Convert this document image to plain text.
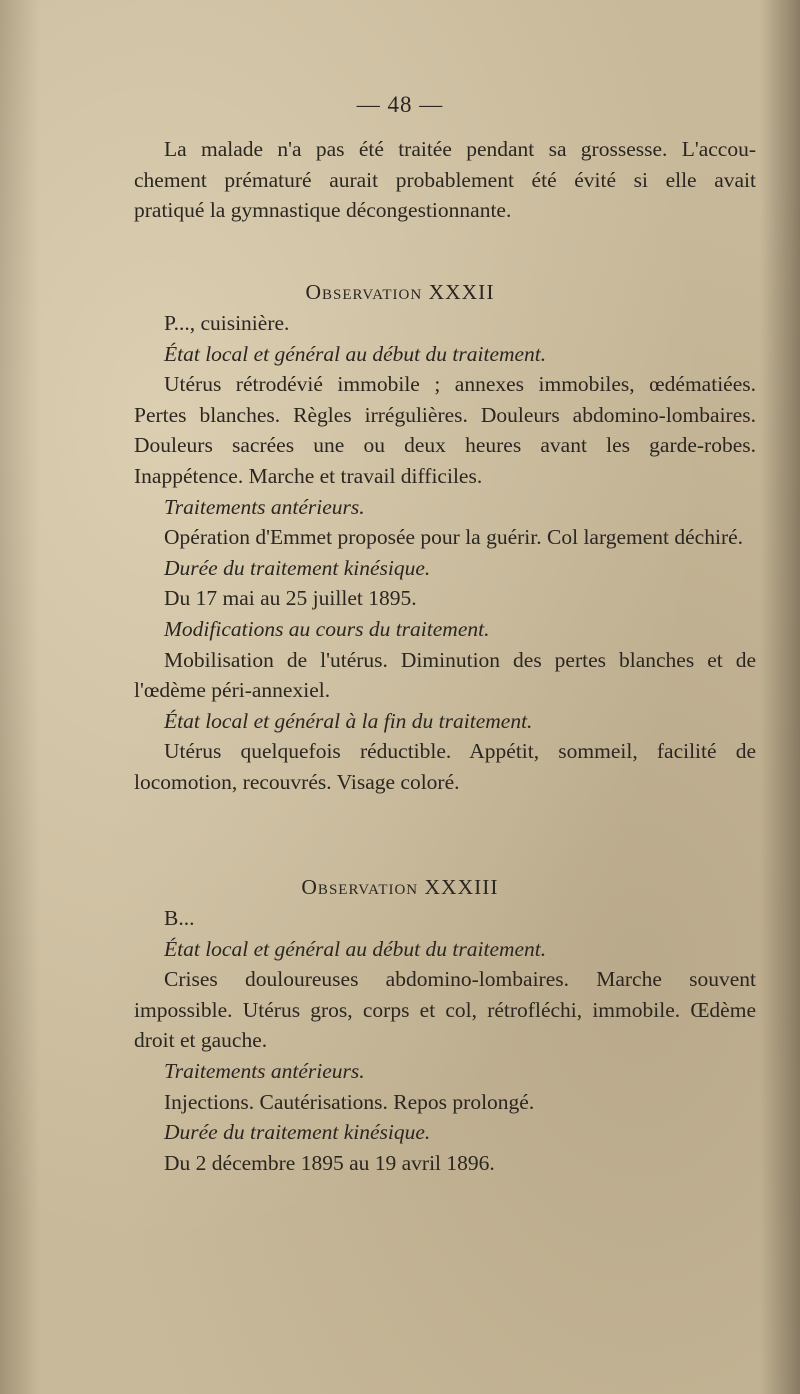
— 48 —

La malade n'a pas été traitée pendant sa grossesse. L'accou-

chement prématuré aurait probablement été évité si elle avait

pratiqué la gymnastique décongestionnante.

Observation XXXII

P..., cuisinière.

État local et général au début du traitement.

Utérus rétrodévié immobile ; annexes immobiles, œdématiées. Pertes blanches. Règles irrégulières. Douleurs abdomino-lombaires. Douleurs sacrées une ou deux heures avant les garde-robes. Inappétence. Marche et travail difficiles.

Traitements antérieurs.

Opération d'Emmet proposée pour la guérir. Col largement déchiré.

Durée du traitement kinésique.

Du 17 mai au 25 juillet 1895.

Modifications au cours du traitement.

Mobilisation de l'utérus. Diminution des pertes blanches et de l'œdème péri-annexiel.

État local et général à la fin du traitement.

Utérus quelquefois réductible. Appétit, sommeil, facilité de locomotion, recouvrés. Visage coloré.

Observation XXXIII

B...

État local et général au début du traitement.

Crises douloureuses abdomino-lombaires. Marche souvent impossible. Utérus gros, corps et col, rétrofléchi, immobile. Œdème droit et gauche.

Traitements antérieurs.

Injections. Cautérisations. Repos prolongé.

Durée du traitement kinésique.

Du 2 décembre 1895 au 19 avril 1896.
